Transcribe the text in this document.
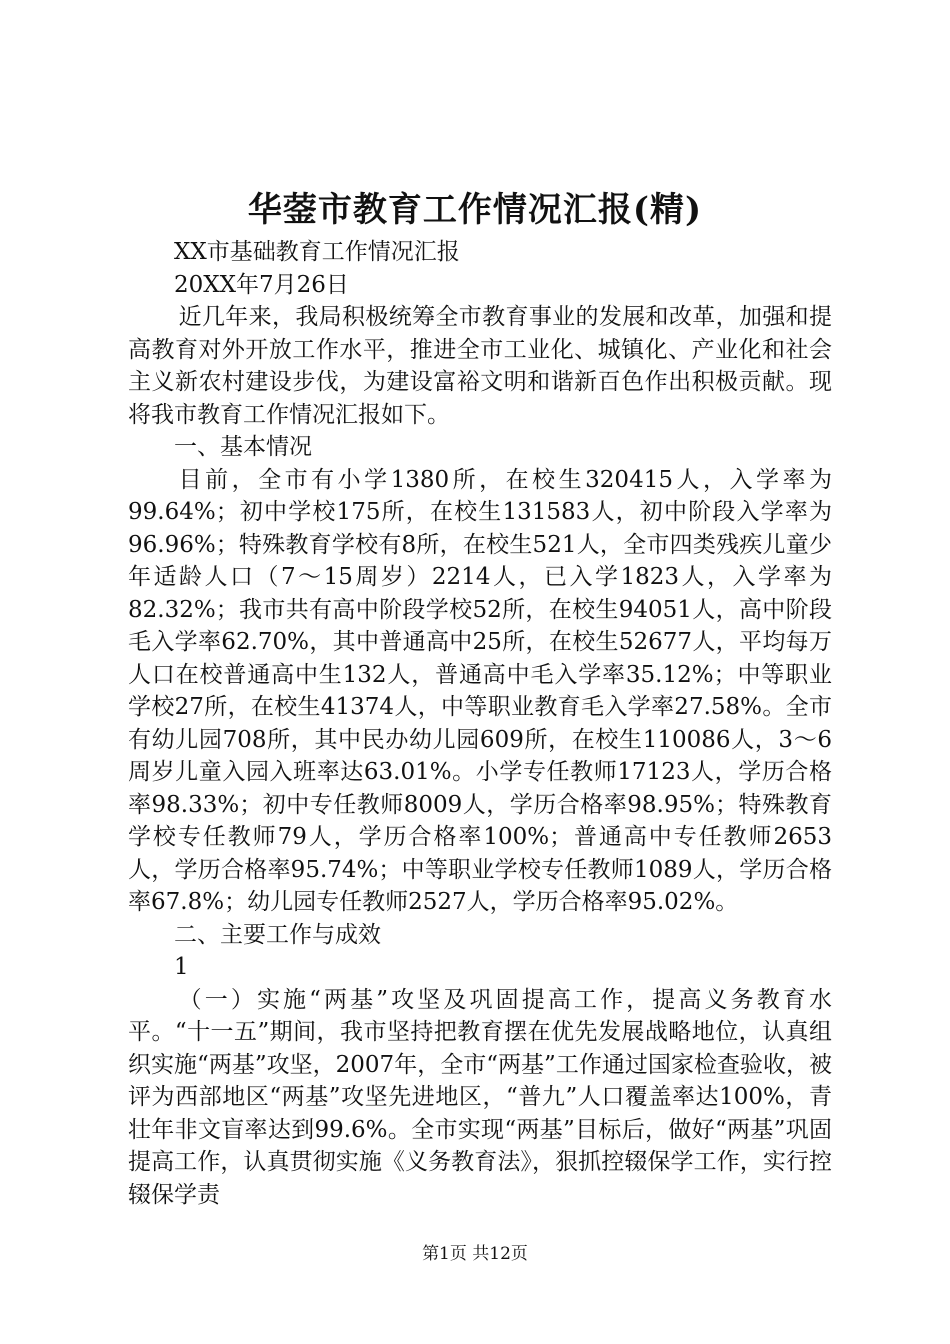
华蓥市教育工作情况汇报(精)

XX市基础教育工作情况汇报

20XX年7月26日

近几年来，我局积极统筹全市教育事业的发展和改革，加强和提高教育对外开放工作水平，推进全市工业化、城镇化、产业化和社会主义新农村建设步伐，为建设富裕文明和谐新百色作出积极贡献。现将我市教育工作情况汇报如下。

一、基本情况

目前，全市有小学1380所，在校生320415人，入学率为99.64%；初中学校175所，在校生131583人，初中阶段入学率为96.96%；特殊教育学校有8所，在校生521人，全市四类残疾儿童少年适龄人口（7～15周岁）2214人，已入学1823人，入学率为82.32%；我市共有高中阶段学校52所，在校生94051人，高中阶段毛入学率62.70%，其中普通高中25所，在校生52677人，平均每万人口在校普通高中生132人，普通高中毛入学率35.12%；中等职业学校27所，在校生41374人，中等职业教育毛入学率27.58%。全市有幼儿园708所，其中民办幼儿园609所，在校生110086人，3～6周岁儿童入园入班率达63.01%。小学专任教师17123人，学历合格率98.33%；初中专任教师8009人，学历合格率98.95%；特殊教育学校专任教师79人，学历合格率100%；普通高中专任教师2653人，学历合格率95.74%；中等职业学校专任教师1089人，学历合格率67.8%；幼儿园专任教师2527人，学历合格率95.02%。

二、主要工作与成效

1

（一）实施“两基”攻坚及巩固提高工作，提高义务教育水平。“十一五”期间，我市坚持把教育摆在优先发展战略地位，认真组织实施“两基”攻坚，2007年，全市“两基”工作通过国家检查验收，被评为西部地区“两基”攻坚先进地区，“普九”人口覆盖率达100%，青壮年非文盲率达到99.6%。全市实现“两基”目标后，做好“两基”巩固提高工作，认真贯彻实施《义务教育法》，狠抓控辍保学工作，实行控辍保学责

第1页 共12页
